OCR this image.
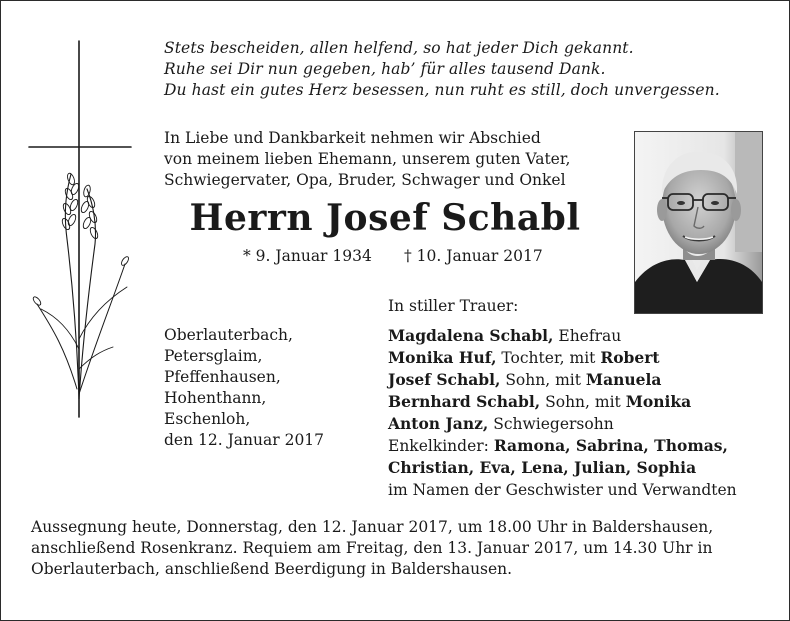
Stets bescheiden, allen helfend, so hat jeder Dich gekannt.
Ruhe sei Dir nun gegeben, hab’ für alles tausend Dank.
Du hast ein gutes Herz besessen, nun ruht es still, doch unvergessen.
In Liebe und Dankbarkeit nehmen wir Abschied
von meinem lieben Ehemann, unserem guten Vater,
Schwiegervater, Opa, Bruder, Schwager und Onkel
Herrn Josef Schabl
* 9. Januar 1934 † 10. Januar 2017
In stiller Trauer:
Oberlauterbach,
Petersglaim,
Pfeffenhausen,
Hohenthann,
Eschenloh,
den 12. Januar 2017
Magdalena Schabl, Ehefrau
Monika Huf, Tochter, mit Robert
Josef Schabl, Sohn, mit Manuela
Bernhard Schabl, Sohn, mit Monika
Anton Janz, Schwiegersohn
Enkelkinder: Ramona, Sabrina, Thomas,
Christian, Eva, Lena, Julian, Sophia
im Namen der Geschwister und Verwandten
Aussegnung heute, Donnerstag, den 12. Januar 2017, um 18.00 Uhr in Baldershausen,
anschließend Rosenkranz. Requiem am Freitag, den 13. Januar 2017, um 14.30 Uhr in
Oberlauterbach, anschließend Beerdigung in Baldershausen.
